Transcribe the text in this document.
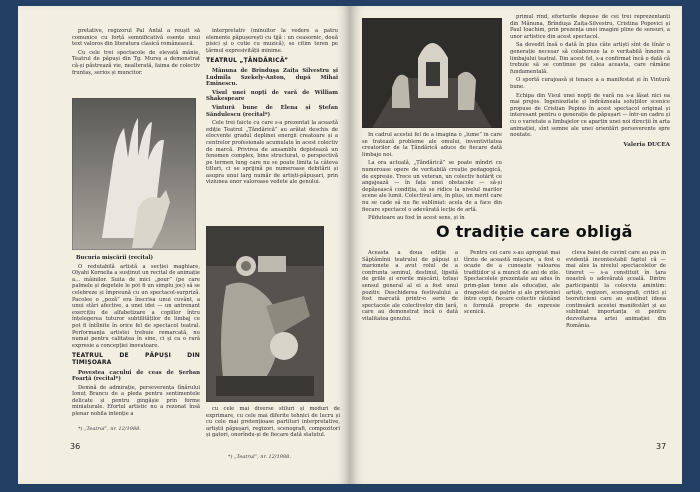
pretative, regizorul Pal Antal a reușit să comunice cu forță semnificativă esențe unui text valoros din literatura clasică românească.

Cu cele trei spectacole de elevată mănie, Teatrul de păpuși din Tg. Mureș a demonstrat că-și păstrează vie, nealterată, faima de colectiv fruntaș, serios și muncitor.

Bucuria mișcării (recital)

O redutabilă artistă a secției maghiare, Olyahi Kornelia a susținut un recital de animație a... mâinilor. Suita de mici „pour” (pe care palmele și degetele le pot fi un simplu joc) să se celebreze și împreună cu un spectacol-surpriză. Pacolee o „poză” era înscrisa unui cuvânt, a unui stări afective, a unei idei — un antrenant exercițiu de alfabetizare a copiilor întru înțelegerea tuturor subtilităților de limbaj ce pot fi întîlnite în orice fel de spectacol teatral. Performanța artistei trebuie remarcată, nu numai pentru calitatea în sine, ci și ca o rară expresie a concepției inovatoare.

TEATRUL DE PĂPUȘI DIN TIMIȘOARA

Povestea cacului de ceas de Șerban Foarță (recital*)

Demnă de admirație, perseverența tînărului Ionuț Brancu de a pleda pentru sentimentele delicate și pentru gingășie prin forme miniaturale. Efortul artistic nu a rezonat însă plenar nobila intenție a

*) „Teatrul”, nr. 12/1988.

interpretativ (mînuitor la vedere a patru elemente păpușerești cu tijă : un ceasornic, două pisici și o cutie cu muzică), se citim teren pe țărmul expresivității minime.

TEATRUL „ȚĂNDĂRICĂ”

Mânuna de Brînduşa Zaița Silvestru și Ludmila Szekely-Anton, după Mihai Eminescu.

Visul unei nopți de vară de William Shakespeare

Vintură bune de Elena și Ștefan Săndulescu (recital*)

Cele trei faicte cu care s-a prezentat la această ediție Teatrul „Țăndărică” au arătat deschis de elocvente gradul deplinei energii creatoare și a centrelor profesionale acumulate în acest colectiv de marcă. Privirea de ansamblu depistează un fenomen complex, bine structurat, o perspectivă pe termen lung care nu se poate limita la câteva titluri, ci se sprijină pe numeroase debitării și asupra unui larg număr de artiști-păpușari, prin viziunea unor valoroase vedete ale genului.

cu cele mai diverse stiluri și moduri de exprimare, cu cele mai diferite tehnici de lucru și cu cele mai pretențioase partituri interpretative, artiștii păpușari, regizori, scenografi, compozitori și gatori, onorîndu-și de fiecare dată statutul.

*) „Teatrul”, nr. 12/1988.
36

În cadrul acestui fel de a imagina o „lume” în care se tratează probleme ale omului, inventivitatea creatorilor de la Țăndărică aduce de fiecare dată limbaje noi.

La ora actuală, „Țăndărică” se poate mîndri cu numeroase opere de veritabilă creație pedagogică, de expresie. Trece un veteran, un colectiv hotărît ce angajează — în fața unei obstacole — să-și depășească condiția, să se ridice la nivelul marilor scene ale lumii. Colectivul are, în plus, un merit care nu se cade să nu fie subliniat: acela de a face din fiecare spectacol o adevărată lecție de artă.

Pildutoare au fost în acest sens, și în

primul rînd, eforturile depuse de cei trei reprezentanți din Mânuna, Brînduşa Zaița-Silvestru, Cristina Popovici și Paul Ioachim, prin prezența unei imagini pline de sensuri, a unor artistice din acest spectacol.

Sa dovedit însă o dată în plus câte artiști sînt de tînăr o generație necesar să colaboreze la o veritabilă înnoire a limbajului teatral. Din acest fel, s-a confirmat încă o dată că trebuie să se continue pe calea aceasta, care rămâne fundamentală.

O sportă curajoasă și tenace a a manifestat și în Vintură bune.

Echipa din Visul unei nopți de vară nu s-a lăsat nici ea mai prejos. Ingeniozitate și îndrăzneala soluțiilor scenice propuse de Cristian Pepino în acest spectacol original și interesant pentru o generație de păpușari — într-un cadru și cu o varietate a limbajelor ce aparțin unei noi direcții în arta animației, sînt semne ale unei orientări perseverente spre noutate.

Valeria DUCEA
O tradiție care obligă

Aceasta a doua ediție a Săptămînii teatrului de păpuși și marionete a avut rolul de a confrunta seninul, destinul, lipsită de griile și erorile mișcării, totuși sensul general al ei a fost unul pozitiv. Deschiderea festivalului a fost marcată printr-o serie de spectacole ale colectivelor din țară, care au demonstrat încă o dată vitalitatea genului.

Pentru cei care s-au apropiat mai tîrziu de această mișcare, a fost o ocazie de a cunoaște valoarea tradițiilor și a muncii de ani de zile. Spectacolele prezentate au adus în prim-plan teme ale educației, ale dragostei de patrie și ale prieteniei între copii, fiecare colectiv căutând o formulă proprie de expresie scenică.

cleva baiei de cuvînt care au pus în evidență incontestabil faptul că — mai ales la nivelul spectacolelor de tineret — s-a constituit în țara noastră o adevărată școală. Dintre participanții la colocviu amintim: artiști, regizori, scenografi, critici și teoreticieni care au susținut ideea continuării acestei manifestări și au subliniat importanța ei pentru dezvoltarea artei animației din România.

37
